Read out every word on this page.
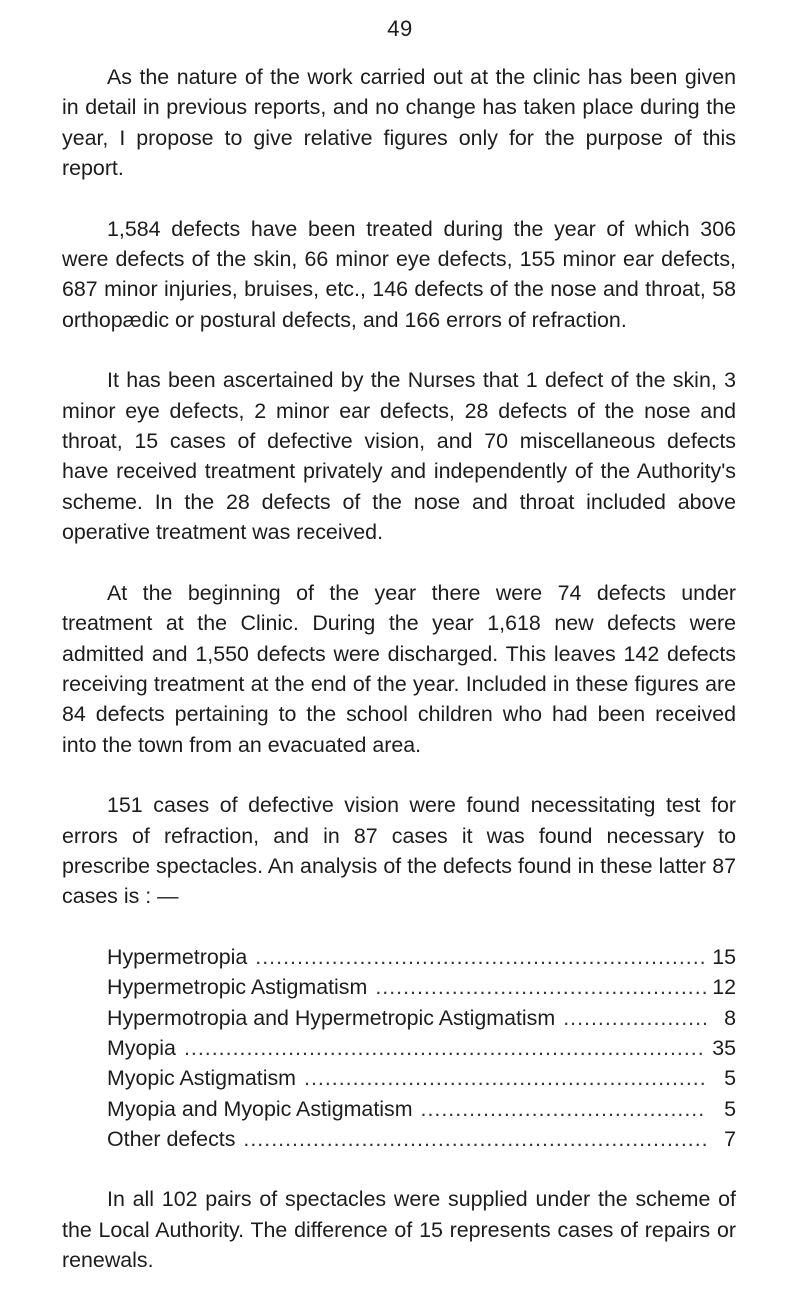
49

As the nature of the work carried out at the clinic has been given in detail in previous reports, and no change has taken place during the year, I propose to give relative figures only for the purpose of this report.

1,584 defects have been treated during the year of which 306 were defects of the skin, 66 minor eye defects, 155 minor ear defects, 687 minor injuries, bruises, etc., 146 defects of the nose and throat, 58 orthopædic or postural defects, and 166 errors of refraction.

It has been ascertained by the Nurses that 1 defect of the skin, 3 minor eye defects, 2 minor ear defects, 28 defects of the nose and throat, 15 cases of defective vision, and 70 miscellaneous defects have received treatment privately and independently of the Authority's scheme. In the 28 defects of the nose and throat included above operative treatment was received.

At the beginning of the year there were 74 defects under treatment at the Clinic. During the year 1,618 new defects were admitted and 1,550 defects were discharged. This leaves 142 defects receiving treatment at the end of the year. Included in these figures are 84 defects pertaining to the school children who had been received into the town from an evacuated area.

151 cases of defective vision were found necessitating test for errors of refraction, and in 87 cases it was found necessary to prescribe spectacles. An analysis of the defects found in these latter 87 cases is : —

Hypermetropia .....	15
Hypermetropic Astigmatism .....	12
Hypermotropia and Hypermetropic Astigmatism .....	8
Myopia .....	35
Myopic Astigmatism .....	5
Myopia and Myopic Astigmatism .....	5
Other defects .....	7

In all 102 pairs of spectacles were supplied under the scheme of the Local Authority. The difference of 15 represents cases of repairs or renewals.
